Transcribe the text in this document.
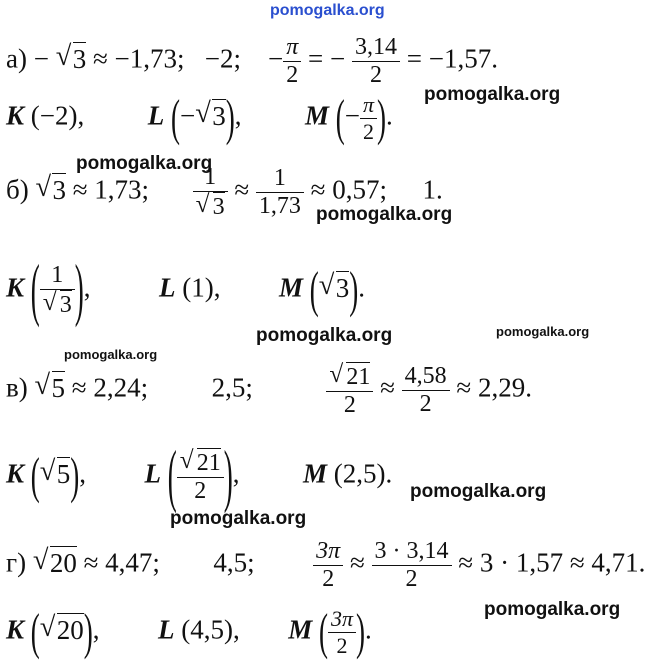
pomogalka.org
а) − √ 3 ≈ −1,73; −2;    − $\frac{\pi}{2}$ = − $\frac{3,14}{2} = -1,57$.
K (−2), L (− √ 3), M (− $\frac{\pi}{2}$ ).
б) √ 3 ≈ 1,73; 1
√ $3 \approx \frac{1}{1,73} \approx 0,57$; 1.
K ( 1
√ 3 ),	L (1), M ( √ 3).
в) √ 5 ≈ 2,24; 2,5;	√ $\frac{21}{2} \approx \frac{4,58}{2} \approx 2,29$.
K ( √ 5), L ( √ $\frac{21}{2}$ ), M (2,5).
г) √ 20 ≈ 4,47; 4,5; $\frac{3\pi}{2} \approx \frac{3 \cdot 3,14}{2} \approx 3 \cdot 1,57 \approx 4,71$.
K ( √ 20), L (4,5), M ( $\frac{3\pi}{2}$ ).
pomogalka.org
pomogalka.org
pomogalka.org
pomogalka.org	pomogalka.org
pomogalka.org
pomogalka.org
pomogalka.org
pomogalka.org
